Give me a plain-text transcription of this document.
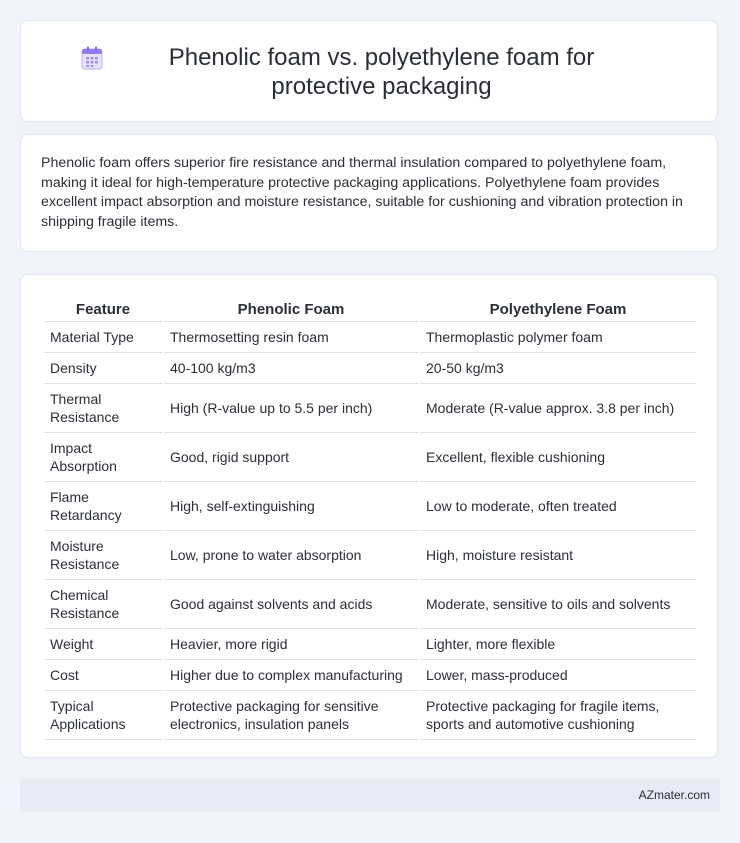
Phenolic foam vs. polyethylene foam for protective packaging
Phenolic foam offers superior fire resistance and thermal insulation compared to polyethylene foam, making it ideal for high-temperature protective packaging applications. Polyethylene foam provides excellent impact absorption and moisture resistance, suitable for cushioning and vibration protection in shipping fragile items.
Feature	Phenolic Foam	Polyethylene Foam
Material Type	Thermosetting resin foam	Thermoplastic polymer foam
Density	40-100 kg/m3	20-50 kg/m3
Thermal Resistance	High (R-value up to 5.5 per inch)	Moderate (R-value approx. 3.8 per inch)
Impact Absorption	Good, rigid support	Excellent, flexible cushioning
Flame Retardancy	High, self-extinguishing	Low to moderate, often treated
Moisture Resistance	Low, prone to water absorption	High, moisture resistant
Chemical Resistance	Good against solvents and acids	Moderate, sensitive to oils and solvents
Weight	Heavier, more rigid	Lighter, more flexible
Cost	Higher due to complex manufacturing	Lower, mass-produced
Typical Applications	Protective packaging for sensitive electronics, insulation panels	Protective packaging for fragile items, sports and automotive cushioning
AZmater.com
